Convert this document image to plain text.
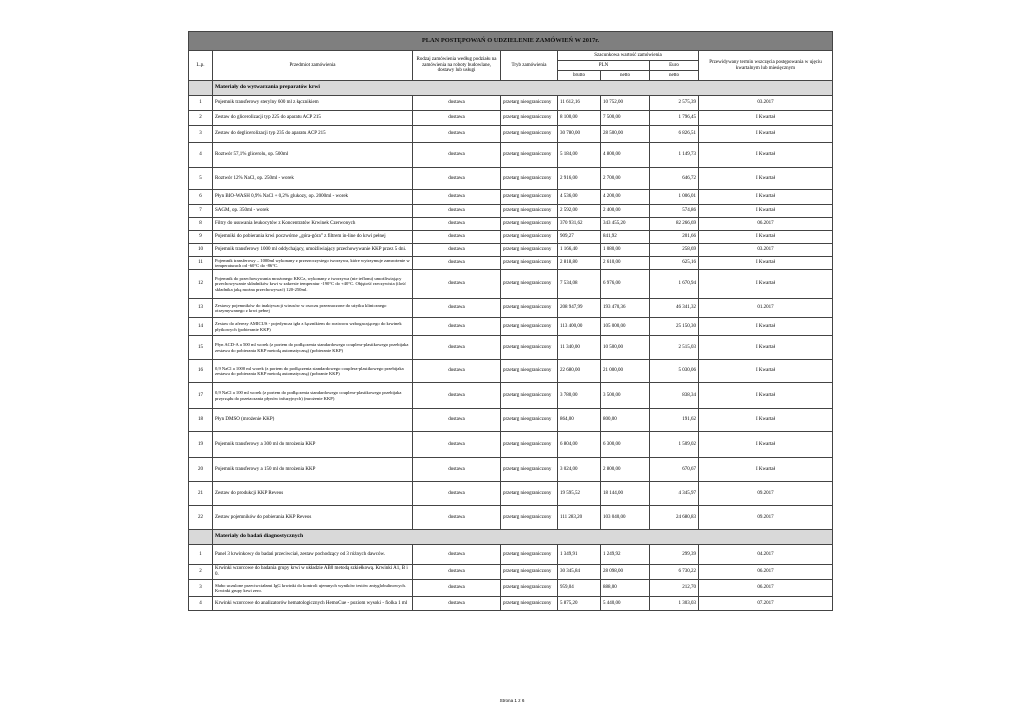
PLAN POSTĘPOWAŃ O UDZIELENIE ZAMÓWIEŃ W 2017r.							
L.p.	Przedmiot zamówienia	Rodzaj zamówienia według podziału na zamówienia na roboty budowlane, dostawy lub usługi	Tryb zamówienia	Szacunkowa wartość zamówienia			Przewidywany termin wszczęcia postępowania w ujęciu kwartalnym lub miesięcznym
				PLN		Euro	
				brutto	netto	netto	
	Materiały do wytwarzania preparatów krwi						
1	Pojemnik transferowy sterylny 600 ml z łącznikiem	dostawa	przetarg nieograniczony	11 612,16	10 752,00	2 575,39	03.2017
2	Zestaw do glicerolizacji typ 225 do aparatu ACP 215	dostawa	przetarg nieograniczony	8 100,00	7 500,00	1 796,45	I Kwartał
3	Zestaw do deglicerolizacji typ 235 do aparatu ACP 215	dostawa	przetarg nieograniczony	30 780,00	28 500,00	6 826,51	I Kwartał
4	Roztwór 57,1% glicerolu, op. 500ml	dostawa	przetarg nieograniczony	5 184,00	4 800,00	1 149,73	I Kwartał
5	Roztwór 12% NaCl, op. 250ml - worek	dostawa	przetarg nieograniczony	2 916,00	2 700,00	646,72	I Kwartał
6	Płyn BIO-WASH 0,9% NaCl + 0,2% glukozy, op. 2000ml - worek	dostawa	przetarg nieograniczony	4 536,00	4 200,00	1 006,01	I Kwartał
7	SAGM, op. 350ml - worek	dostawa	przetarg nieograniczony	2 592,00	2 400,00	574,86	I Kwartał
8	Filtry do usuwania leukocytów z Koncentratów Krwinek Czerwonych	dostawa	przetarg nieograniczony	370 931,62	343 455,20	82 266,69	06.2017
9	Pojemniki do pobierania krwi poczwórne „góra-góra” z filtrem in-line do krwi pełnej	dostawa	przetarg nieograniczony	909,27	841,92	201,66	I Kwartał
10	Pojemnik transferowy 1000 ml oddychający, umożliwiający przechowywanie KKP przez 5 dni.	dostawa	przetarg nieograniczony	1 166,40	1 080,00	258,69	03.2017
11	Pojemnik transferowy – 1000ml wykonany z przezroczystego tworzywa, które wytrzymuje zamrożenie w temperaturach od -60°C do -86°C.	dostawa	przetarg nieograniczony	2 818,80	2 610,00	625,16	I Kwartał
12	Pojemnik do przechowywania mrożonego KKCz, wykonany z tworzywa (nie teflonu) umożliwiający przechowywanie składników krwi w zakresie temperatur -190°C do +40°C. Objętość rzeczywista (ilość składnika jaką można przechowywać) 120-250ml.	dostawa	przetarg nieograniczony	7 534,08	6 976,00	1 670,94	I Kwartał
13	Zestawy pojemników do inaktywacji wirusów w osoczu przeznaczone do użytku klinicznego otrzymywanego z krwi pełnej	dostawa	przetarg nieograniczony	208 947,99	193 470,36	46 341,32	01.2017
14	Zestaw do aferezy AMICUS - pojedyncza igła z łącznikiem do roztworu wzbogacającego do krwinek płytkowych (pobieranie KKP)	dostawa	przetarg nieograniczony	113 400,00	105 000,00	25 150,30	I Kwartał
15	Płyn ACD-A a 500 ml worek (z portem do podłączenia standardowego couplera-plastikowego przebijaka zestawu do pobierania KKP metodą automatyczną) (pobieranie KKP)	dostawa	przetarg nieograniczony	11 340,00	10 500,00	2 515,03	I Kwartał
16	0,9 NaCl a 1000 ml worek (z portem do podłączenia standardowego couplera-plastikowego przebijaka zestawu do pobierania KKP metodą automatyczną) (pobranie KKP)	dostawa	przetarg nieograniczony	22 680,00	21 000,00	5 030,06	I Kwartał
17	0,9 NaCl a 100 ml worek (z portem do podłączenia standardowego couplera-plastikowego przebijaka przyrządu do przetaczania płynów infuzyjnych) (mrożenie KKP)	dostawa	przetarg nieograniczony	3 780,00	3 500,00	838,34	I Kwartał
18	Płyn DMSO (mrożenie KKP)	dostawa	przetarg nieograniczony	864,00	800,00	191,62	I Kwartał
19	Pojemnik transferowy a 300 ml do mrożenia KKP	dostawa	przetarg nieograniczony	6 804,00	6 300,00	1 509,02	I Kwartał
20	Pojemnik transferowy a 150 ml do mrożenia KKP	dostawa	przetarg nieograniczony	3 024,00	2 800,00	670,67	I Kwartał
21	Zestaw do produkcji KKP Reveos	dostawa	przetarg nieograniczony	19 595,52	18 144,00	4 345,97	09.2017
22	Zestaw pojemników do pobierania KKP Reveos	dostawa	przetarg nieograniczony	111 283,20	103 040,00	24 680,83	09.2017
	Materiały do badań diagnostycznych						
1	Panel 3 krwinkowy do badań przeciwciał, zestaw pochodzący od 3 różnych dawców.	dostawa	przetarg nieograniczony	1 349,91	1 249,92	299,39	04.2017
2	Krwinki wzorcowe do badania grupy krwi w układzie AB0 metodą szkiełkową. Krwinki A1, B i 0.	dostawa	przetarg nieograniczony	30 345,84	28 098,00	6 730,22	06.2017
3	Słabo uczulone przeciwciałami IgG krwinki do kontroli ujemnych wyników testów antyglobulinowych. Krwinki grupy krwi zero.	dostawa	przetarg nieograniczony	959,04	888,00	212,70	06.2017
4	Krwinki wzorcowe do analizatorów hematologicznych HemoCue - poziom wysoki - fiolka 1 ml	dostawa	przetarg nieograniczony	5 875,20	5 440,00	1 303,03	07.2017
Strona 1 z 6
